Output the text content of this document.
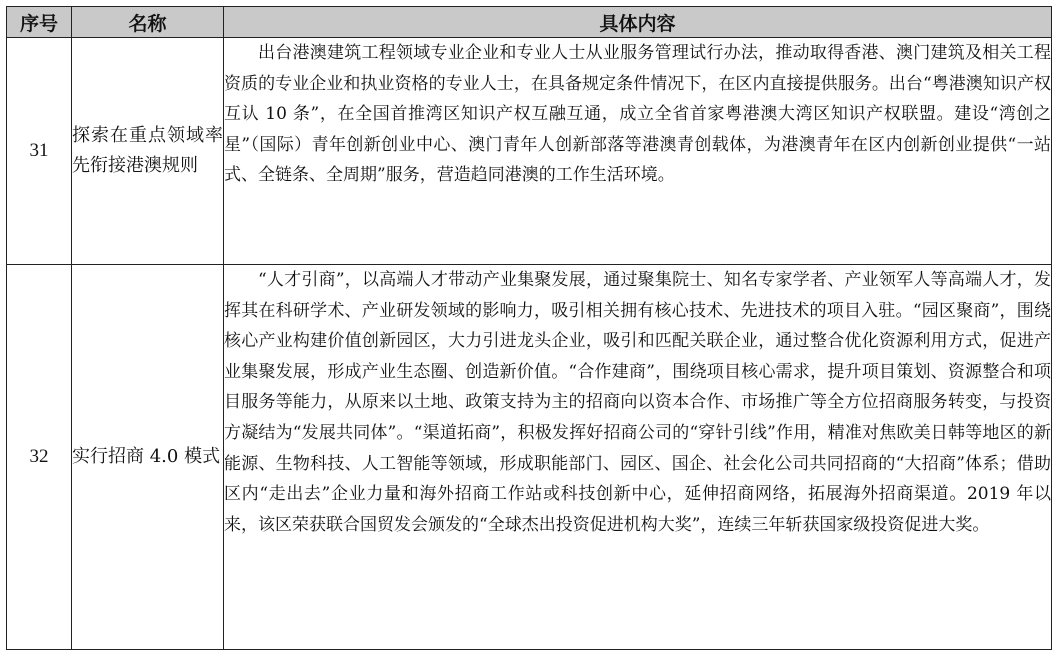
序号	名称	具体内容
31	探索在重点领域率先衔接港澳规则	出台港澳建筑工程领域专业企业和专业人士从业服务管理试行办法，推动取得香港、澳门建筑及相关工程资质的专业企业和执业资格的专业人士，在具备规定条件情况下，在区内直接提供服务。出台“粤港澳知识产权互认 10 条”，在全国首推湾区知识产权互融互通，成立全省首家粤港澳大湾区知识产权联盟。建设“湾创之星”（国际）青年创新创业中心、澳门青年人创新部落等港澳青创载体，为港澳青年在区内创新创业提供“一站式、全链条、全周期”服务，营造趋同港澳的工作生活环境。

32	实行招商 4.0 模式	“人才引商”，以高端人才带动产业集聚发展，通过聚集院士、知名专家学者、产业领军人等高端人才，发挥其在科研学术、产业研发领域的影响力，吸引相关拥有核心技术、先进技术的项目入驻。“园区聚商”，围绕核心产业构建价值创新园区，大力引进龙头企业，吸引和匹配关联企业，通过整合优化资源利用方式，促进产业集聚发展，形成产业生态圈、创造新价值。“合作建商”，围绕项目核心需求，提升项目策划、资源整合和项目服务等能力，从原来以土地、政策支持为主的招商向以资本合作、市场推广等全方位招商服务转变，与投资方凝结为“发展共同体”。“渠道拓商”，积极发挥好招商公司的“穿针引线”作用，精准对焦欧美日韩等地区的新能源、生物科技、人工智能等领域，形成职能部门、园区、国企、社会化公司共同招商的“大招商”体系；借助区内“走出去”企业力量和海外招商工作站或科技创新中心，延伸招商网络，拓展海外招商渠道。2019 年以来，该区荣获联合国贸发会颁发的“全球杰出投资促进机构大奖”，连续三年斩获国家级投资促进大奖。
